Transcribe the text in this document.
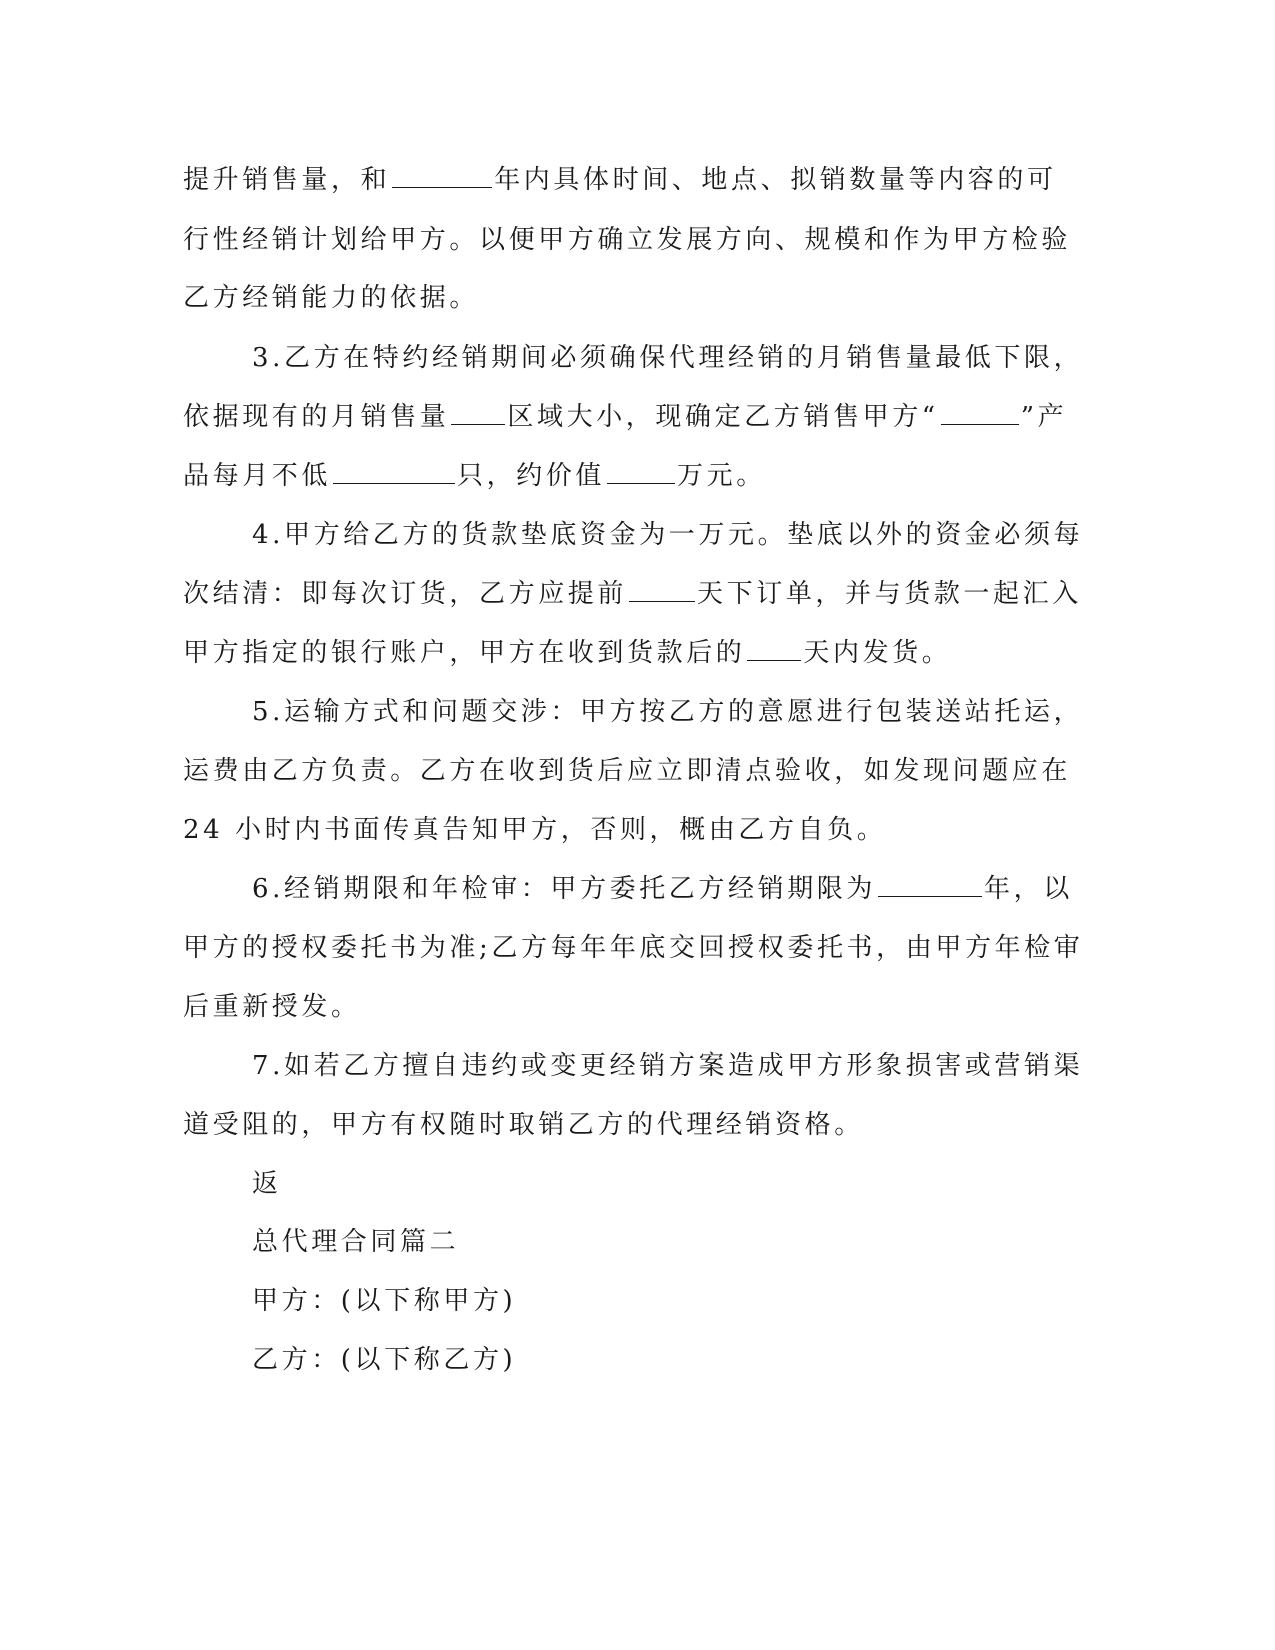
提升销售量，和	年内具体时间、地点、拟销数量等内容的可

行性经销计划给甲方。以便甲方确立发展方向、规模和作为甲方检验

乙方经销能力的依据。

3.乙方在特约经销期间必须确保代理经销的月销售量最低下限，

依据现有的月销售量 区域大小，现确定乙方销售甲方“	”产

品每月不低	只，约价值	万元。

4.甲方给乙方的货款垫底资金为一万元。垫底以外的资金必须每

次结清：即每次订货，乙方应提前	天下订单，并与货款一起汇入

甲方指定的银行账户，甲方在收到货款后的 天内发货。

5.运输方式和问题交涉：甲方按乙方的意愿进行包装送站托运，

运费由乙方负责。乙方在收到货后应立即清点验收，如发现问题应在

24 小时内书面传真告知甲方，否则，概由乙方自负。

6.经销期限和年检审：甲方委托乙方经销期限为	年，以

甲方的授权委托书为准;乙方每年年底交回授权委托书，由甲方年检审

后重新授发。

7.如若乙方擅自违约或变更经销方案造成甲方形象损害或营销渠

道受阻的，甲方有权随时取销乙方的代理经销资格。

返

总代理合同篇二

甲方：(以下称甲方)

乙方：(以下称乙方)
